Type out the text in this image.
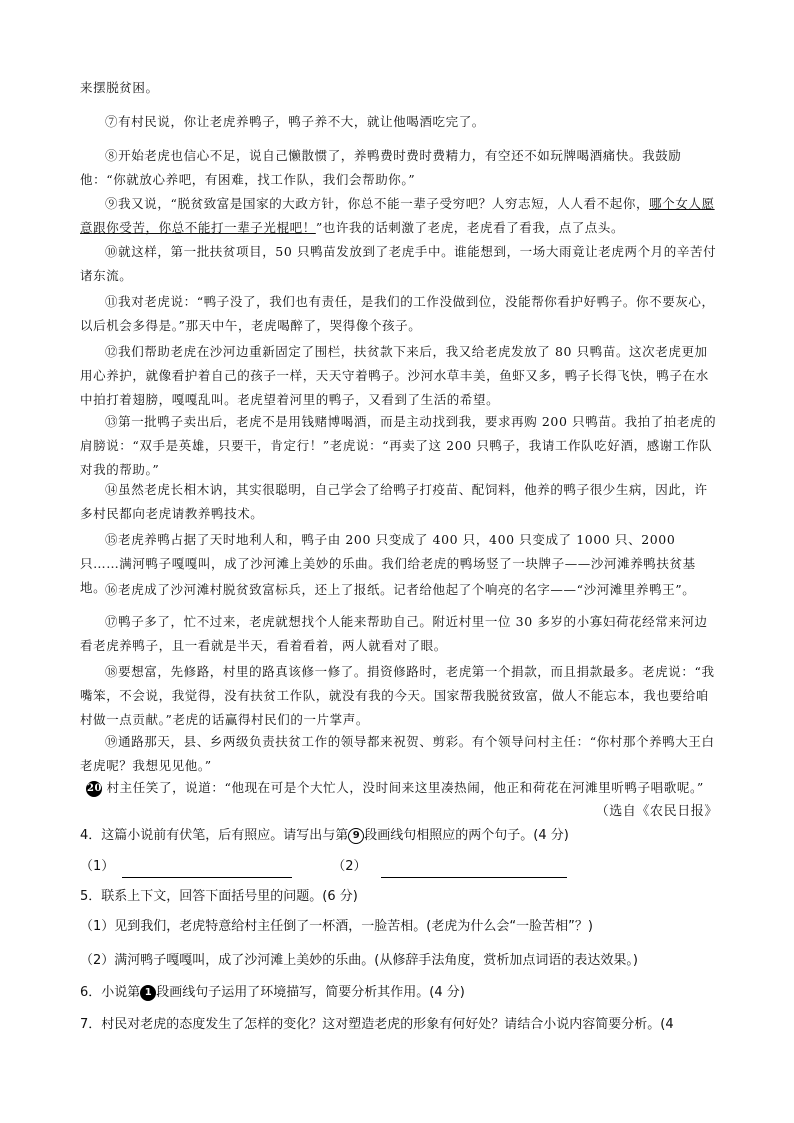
来摆脱贫困。
⑦有村民说，你让老虎养鸭子，鸭子养不大，就让他喝酒吃完了。
⑧开始老虎也信心不足，说自己懒散惯了，养鸭费时费时费精力，有空还不如玩牌喝酒痛快。我鼓励他：“你就放心养吧，有困难，找工作队，我们会帮助你。”
⑨我又说，“脱贫致富是国家的大政方针，你总不能一辈子受穷吧？人穷志短，人人看不起你，哪个女人愿意跟你受苦，你总不能打一辈子光棍吧！”也许我的话刺激了老虎，老虎看了看我，点了点头。
⑩就这样，第一批扶贫项目，50 只鸭苗发放到了老虎手中。谁能想到，一场大雨竟让老虎两个月的辛苦付诸东流。
⑪我对老虎说：“鸭子没了，我们也有责任，是我们的工作没做到位，没能帮你看护好鸭子。你不要灰心，以后机会多得是。”那天中午，老虎喝醉了，哭得像个孩子。
⑫我们帮助老虎在沙河边重新固定了围栏，扶贫款下来后，我又给老虎发放了 80 只鸭苗。这次老虎更加用心养护，就像看护着自己的孩子一样，天天守着鸭子。沙河水草丰美，鱼虾又多，鸭子长得飞快，鸭子在水中拍打着翅膀，嘎嘎乱叫。老虎望着河里的鸭子，又看到了生活的希望。
⑬第一批鸭子卖出后，老虎不是用钱赌博喝酒，而是主动找到我，要求再购 200 只鸭苗。我拍了拍老虎的肩膀说：“双手是英雄，只要干，肯定行！”老虎说：“再卖了这 200 只鸭子，我请工作队吃好酒，感谢工作队对我的帮助。”
⑭虽然老虎长相木讷，其实很聪明，自己学会了给鸭子打疫苗、配饲料，他养的鸭子很少生病，因此，许多村民都向老虎请教养鸭技术。
⑮老虎养鸭占据了天时地利人和，鸭子由 200 只变成了 400 只，400 只变成了 1000 只、2000 只……满河鸭子嘎嘎叫，成了沙河滩上美妙的乐曲。我们给老虎的鸭场竖了一块牌子——沙河滩养鸭扶贫基地。
⑯老虎成了沙河滩村脱贫致富标兵，还上了报纸。记者给他起了个响亮的名字——“沙河滩里养鸭王”。
⑰鸭子多了，忙不过来，老虎就想找个人能来帮助自己。附近村里一位 30 多岁的小寡妇荷花经常来河边看老虎养鸭子，且一看就是半天，看着看着，两人就看对了眼。
⑱要想富，先修路，村里的路真该修一修了。捐资修路时，老虎第一个捐款，而且捐款最多。老虎说：“我嘴笨，不会说，我觉得，没有扶贫工作队，就没有我的今天。国家帮我脱贫致富，做人不能忘本，我也要给咱村做一点贡献。”老虎的话赢得村民们的一片掌声。
⑲通路那天，县、乡两级负责扶贫工作的领导都来祝贺、剪彩。有个领导问村主任：“你村那个养鸭大王白老虎呢？我想见见他。”
20 村主任笑了，说道：“他现在可是个大忙人，没时间来这里凑热闹，他正和荷花在河滩里听鸭子唱歌呢。”
（选自《农民日报》
4．这篇小说前有伏笔，后有照应。请写出与第 9 段画线句相照应的两个句子。(4 分)
（1）	（2）
5．联系上下文，回答下面括号里的问题。(6 分)
（1）见到我们，老虎特意给村主任倒了一杯酒，一脸苦相。(老虎为什么会“一脸苦相”？)
（2）满河鸭子嘎嘎叫，成了沙河滩上美妙的乐曲。(从修辞手法角度，赏析加点词语的表达效果。)
6．小说第 1 段画线句子运用了环境描写，简要分析其作用。(4 分)
7．村民对老虎的态度发生了怎样的变化？这对塑造老虎的形象有何好处？请结合小说内容简要分析。(4
